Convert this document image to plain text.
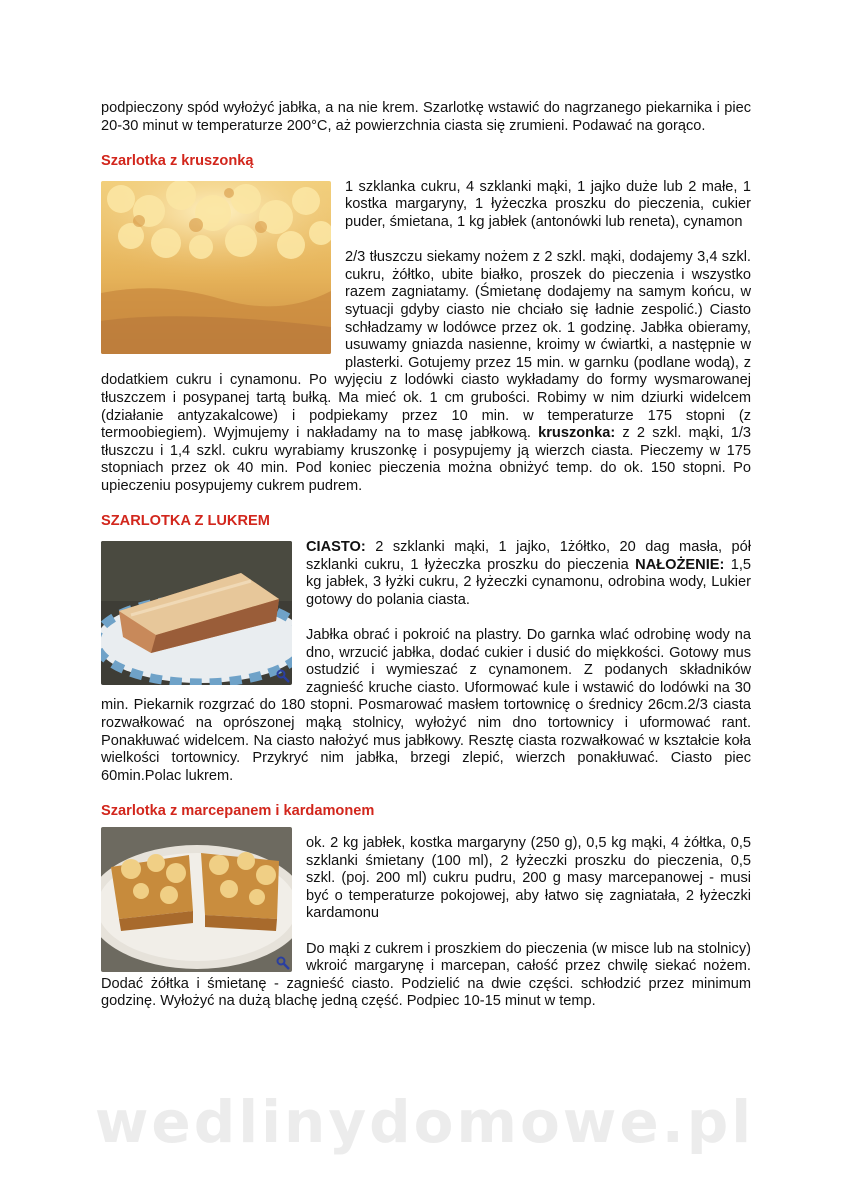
podpieczony spód wyłożyć jabłka, a na nie krem. Szarlotkę wstawić do nagrzanego piekarnika i piec 20-30 minut w temperaturze 200°C, aż powierzchnia ciasta się zrumieni. Podawać na gorąco.

Szarlotka z kruszonką

1 szklanka cukru, 4 szklanki mąki, 1 jajko duże lub 2 małe, 1 kostka margaryny, 1 łyżeczka proszku do pieczenia, cukier puder, śmietana, 1 kg jabłek (antonówki lub reneta), cynamon

2/3 tłuszczu siekamy nożem z 2 szkl. mąki, dodajemy 3,4 szkl. cukru, żółtko, ubite białko, proszek do pieczenia i wszystko razem zagniatamy. (Śmietanę dodajemy na samym końcu, w sytuacji gdyby ciasto nie chciało się ładnie zespolić.) Ciasto schładzamy w lodówce przez ok. 1 godzinę. Jabłka obieramy, usuwamy gniazda nasienne, kroimy w ćwiartki, a następnie w plasterki. Gotujemy przez 15 min. w garnku (podlane wodą), z dodatkiem cukru i cynamonu. Po wyjęciu z lodówki ciasto wykładamy do formy wysmarowanej tłuszczem i posypanej tartą bułką. Ma mieć ok. 1 cm grubości. Robimy w nim dziurki widelcem (działanie antyzakalcowe) i podpiekamy przez 10 min. w temperaturze 175 stopni (z termoobiegiem). Wyjmujemy i nakładamy na to masę jabłkową. kruszonka: z 2 szkl. mąki, 1/3 tłuszczu i 1,4 szkl. cukru wyrabiamy kruszonkę i posypujemy ją wierzch ciasta. Pieczemy w 175 stopniach przez ok 40 min. Pod koniec pieczenia można obniżyć temp. do ok. 150 stopni. Po upieczeniu posypujemy cukrem pudrem.

SZARLOTKA Z LUKREM

CIASTO: 2 szklanki mąki, 1 jajko, 1żółtko, 20 dag masła, pół szklanki cukru, 1 łyżeczka proszku do pieczenia NAŁOŻENIE: 1,5 kg jabłek, 3 łyżki cukru, 2 łyżeczki cynamonu, odrobina wody, Lukier gotowy do polania ciasta.

Jabłka obrać i pokroić na plastry. Do garnka wlać odrobinę wody na dno, wrzucić jabłka, dodać cukier i dusić do miękkości. Gotowy mus ostudzić i wymieszać z cynamonem. Z podanych składników zagnieść kruche ciasto. Uformować kule i wstawić do lodówki na 30 min. Piekarnik rozgrzać do 180 stopni. Posmarować masłem tortownicę o średnicy 26cm.2/3 ciasta rozwałkować na oprószonej mąką stolnicy, wyłożyć nim dno tortownicy i uformować rant. Ponakłuwać widelcem. Na ciasto nałożyć mus jabłkowy. Resztę ciasta rozwałkować w kształcie koła wielkości tortownicy. Przykryć nim jabłka, brzegi zlepić, wierzch ponakłuwać. Ciasto piec 60min.Polac lukrem.

Szarlotka z marcepanem i kardamonem

ok. 2 kg jabłek, kostka margaryny (250 g), 0,5 kg mąki, 4 żółtka, 0,5 szklanki śmietany (100 ml), 2 łyżeczki proszku do pieczenia, 0,5 szkl. (poj. 200 ml) cukru pudru, 200 g masy marcepanowej - musi być o temperaturze pokojowej, aby łatwo się zagniatała, 2 łyżeczki kardamonu

Do mąki z cukrem i proszkiem do pieczenia (w misce lub na stolnicy) wkroić margarynę i marcepan, całość przez chwilę siekać nożem. Dodać żółtka i śmietanę - zagnieść ciasto. Podzielić na dwie części. schłodzić przez minimum godzinę. Wyłożyć na dużą blachę jedną część. Podpiec 10-15 minut w temp.

wedlinydomowe.pl
